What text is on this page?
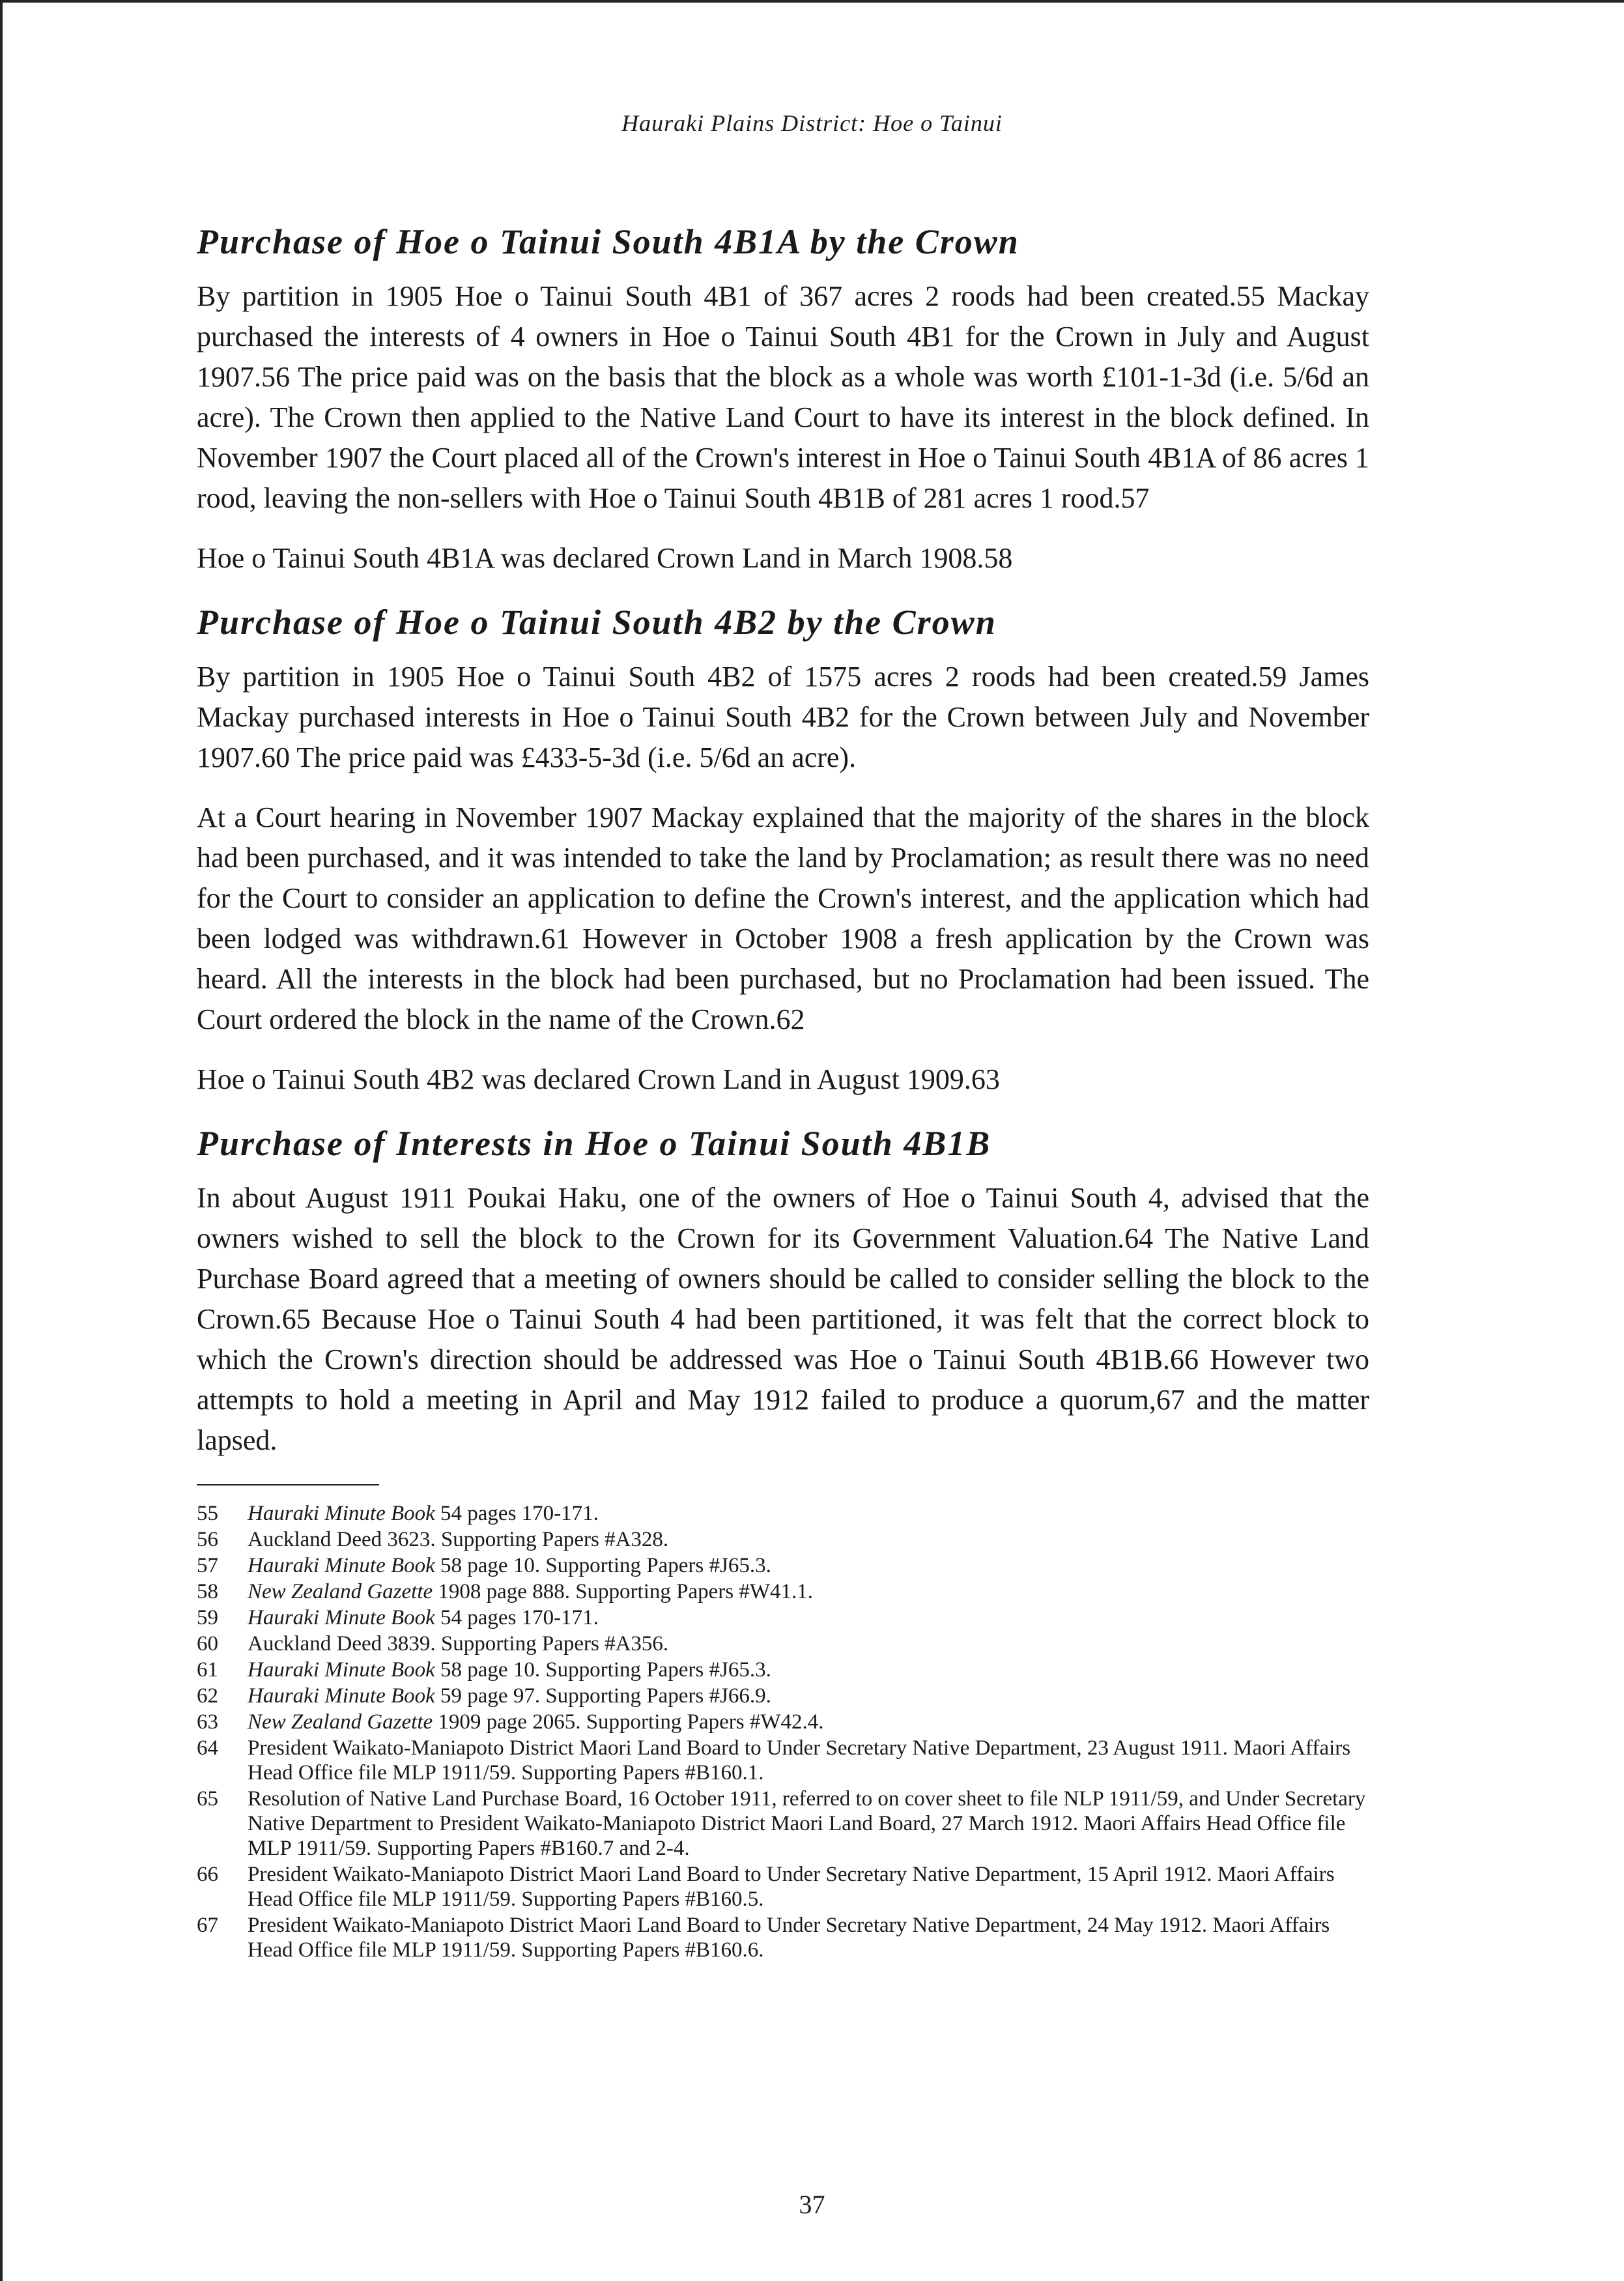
Hauraki Plains District: Hoe o Tainui
Purchase of Hoe o Tainui South 4B1A by the Crown

By partition in 1905 Hoe o Tainui South 4B1 of 367 acres 2 roods had been created.55 Mackay purchased the interests of 4 owners in Hoe o Tainui South 4B1 for the Crown in July and August 1907.56 The price paid was on the basis that the block as a whole was worth £101-1-3d (i.e. 5/6d an acre). The Crown then applied to the Native Land Court to have its interest in the block defined. In November 1907 the Court placed all of the Crown's interest in Hoe o Tainui South 4B1A of 86 acres 1 rood, leaving the non-sellers with Hoe o Tainui South 4B1B of 281 acres 1 rood.57

Hoe o Tainui South 4B1A was declared Crown Land in March 1908.58

Purchase of Hoe o Tainui South 4B2 by the Crown

By partition in 1905 Hoe o Tainui South 4B2 of 1575 acres 2 roods had been created.59 James Mackay purchased interests in Hoe o Tainui South 4B2 for the Crown between July and November 1907.60 The price paid was £433-5-3d (i.e. 5/6d an acre).

At a Court hearing in November 1907 Mackay explained that the majority of the shares in the block had been purchased, and it was intended to take the land by Proclamation; as result there was no need for the Court to consider an application to define the Crown's interest, and the application which had been lodged was withdrawn.61 However in October 1908 a fresh application by the Crown was heard. All the interests in the block had been purchased, but no Proclamation had been issued. The Court ordered the block in the name of the Crown.62

Hoe o Tainui South 4B2 was declared Crown Land in August 1909.63

Purchase of Interests in Hoe o Tainui South 4B1B

In about August 1911 Poukai Haku, one of the owners of Hoe o Tainui South 4, advised that the owners wished to sell the block to the Crown for its Government Valuation.64 The Native Land Purchase Board agreed that a meeting of owners should be called to consider selling the block to the Crown.65 Because Hoe o Tainui South 4 had been partitioned, it was felt that the correct block to which the Crown's direction should be addressed was Hoe o Tainui South 4B1B.66 However two attempts to hold a meeting in April and May 1912 failed to produce a quorum,67 and the matter lapsed.

55	Hauraki Minute Book 54 pages 170-171.
56	Auckland Deed 3623. Supporting Papers #A328.
57	Hauraki Minute Book 58 page 10. Supporting Papers #J65.3.
58	New Zealand Gazette 1908 page 888. Supporting Papers #W41.1.
59	Hauraki Minute Book 54 pages 170-171.
60	Auckland Deed 3839. Supporting Papers #A356.
61	Hauraki Minute Book 58 page 10. Supporting Papers #J65.3.
62	Hauraki Minute Book 59 page 97. Supporting Papers #J66.9.
63	New Zealand Gazette 1909 page 2065. Supporting Papers #W42.4.
64	President Waikato-Maniapoto District Maori Land Board to Under Secretary Native Department, 23 August 1911. Maori Affairs Head Office file MLP 1911/59. Supporting Papers #B160.1.
65	Resolution of Native Land Purchase Board, 16 October 1911, referred to on cover sheet to file NLP 1911/59, and Under Secretary Native Department to President Waikato-Maniapoto District Maori Land Board, 27 March 1912. Maori Affairs Head Office file MLP 1911/59. Supporting Papers #B160.7 and 2-4.
66	President Waikato-Maniapoto District Maori Land Board to Under Secretary Native Department, 15 April 1912. Maori Affairs Head Office file MLP 1911/59. Supporting Papers #B160.5.
67	President Waikato-Maniapoto District Maori Land Board to Under Secretary Native Department, 24 May 1912. Maori Affairs Head Office file MLP 1911/59. Supporting Papers #B160.6.
37
